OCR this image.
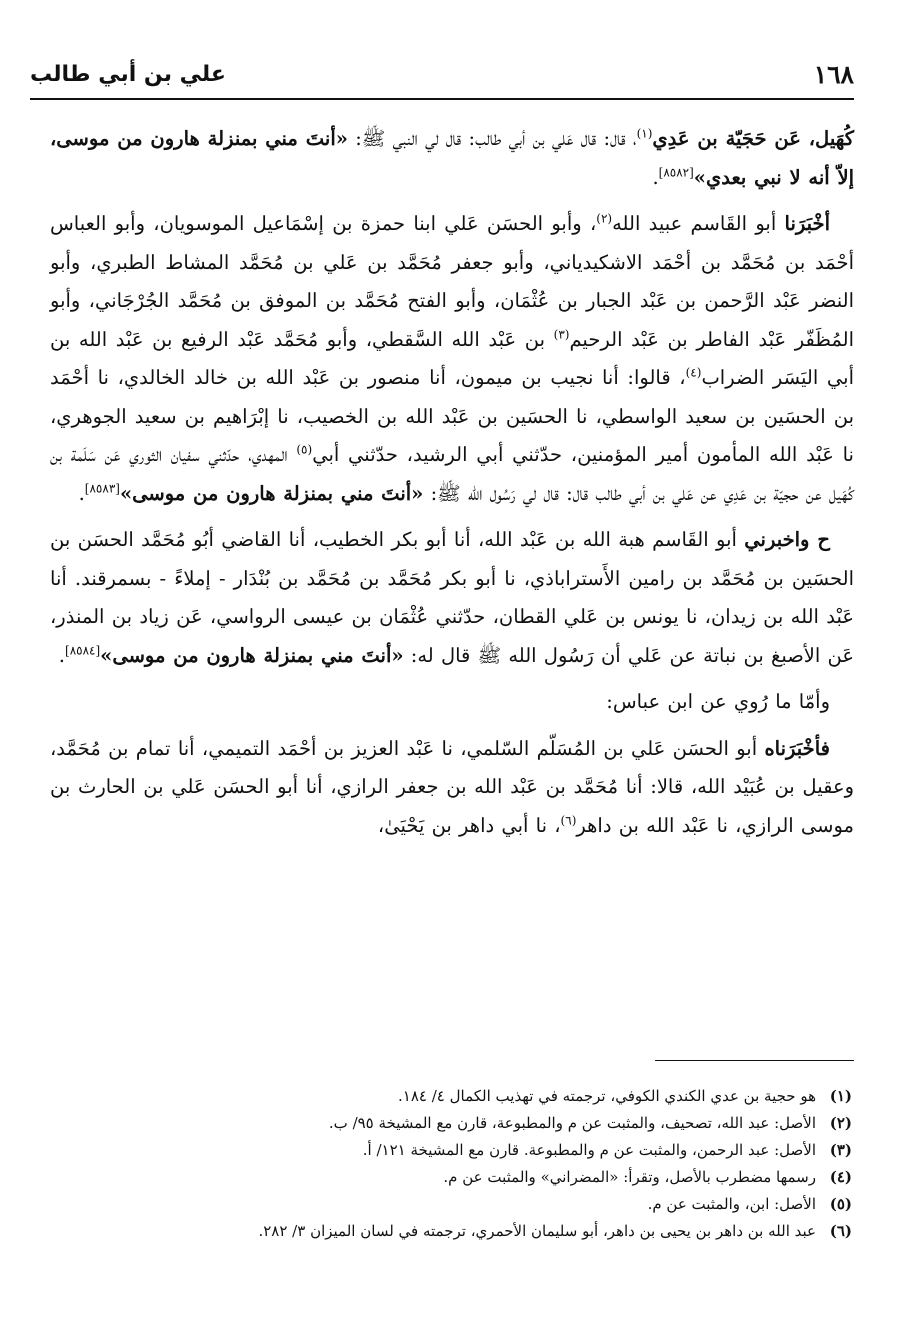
١٦٨
علي بن أبي طالب

كُهَيل، عَن حَجَيّة بن عَدِي$^{(١)}$، قال: قال عَلي بن أبي طالب: قال لي النبي ﷺ: «أنتَ مني بمنزلة هارون من موسى، إلاّ أنه لا نبي بعدي»[٨٥٨٢].

أخْبَرَنا أبو القَاسم عبيد الله$^{(٢)}$، وأبو الحسَن عَلي ابنا حمزة بن إسْمَاعيل الموسويان، وأبو العباس أحْمَد بن مُحَمَّد بن أحْمَد الاشكيدياني، وأبو جعفر مُحَمَّد بن عَلي بن مُحَمَّد المشاط الطبري، وأبو النضر عَبْد الرَّحمن بن عَبْد الجبار بن عُثْمَان، وأبو الفتح مُحَمَّد بن الموفق بن مُحَمَّد الجُرْجَاني، وأبو المُظَفّر عَبْد الفاطر بن عَبْد الرحيم$^{(٣)}$ بن عَبْد الله السَّقطي، وأبو مُحَمَّد عَبْد الرفيع بن عَبْد الله بن أبي اليَسَر الضراب$^{(٤)}$، قالوا: أنا نجيب بن ميمون، أنا منصور بن عَبْد الله بن خالد الخالدي، نا أحْمَد بن الحسَين بن سعيد الواسطي، نا الحسَين بن عَبْد الله بن الخصيب، نا إبْرَاهيم بن سعيد الجوهري، نا عَبْد الله المأمون أمير المؤمنين، حدّثني أبي الرشيد، حدّثني أبي$^{(٥)}$ المهدي، حدّثني سفيان الثوري عَن سَلَمة بن كُهَيل عن حجيّة بن عَدِي عن عَلي بن أبي طالب قال: قال لي رَسُول الله ﷺ: «أنتَ مني بمنزلة هارون من موسى»[٨٥٨٣].

ح واخبرني أبو القَاسم هبة الله بن عَبْد الله، أنا أبو بكر الخطيب، أنا القاضي أبُو مُحَمَّد الحسَن بن الحسَين بن مُحَمَّد بن رامين الأَستراباذي، نا أبو بكر مُحَمَّد بن مُحَمَّد بن بُنْدَار - إملاءً - بسمرقند. أنا عَبْد الله بن زيدان، نا يونس بن عَلي القطان، حدّثني عُثْمَان بن عيسى الرواسي، عَن زياد بن المنذر، عَن الأصبغ بن نباتة عن عَلي أن رَسُول الله ﷺ قال له: «أنتَ مني بمنزلة هارون من موسى»[٨٥٨٤].

وأمّا ما رُوي عن ابن عباس:

فأخْبَرَناه أبو الحسَن عَلي بن المُسَلّم السّلمي، نا عَبْد العزيز بن أحْمَد التميمي، أنا تمام بن مُحَمَّد، وعقيل بن عُبَيْد الله، قالا: أنا مُحَمَّد بن عَبْد الله بن جعفر الرازي، أنا أبو الحسَن عَلي بن الحارث بن موسى الرازي، نا عَبْد الله بن داهر$^{(٦)}$، نا أبي داهر بن يَحْيَىٰ،

(١)هو حجية بن عدي الكندي الكوفي، ترجمته في تهذيب الكمال ٤/ ١٨٤.
(٢)الأصل: عبد الله، تصحيف، والمثبت عن م والمطبوعة، قارن مع المشيخة ٩٥/ ب.
(٣)الأصل: عبد الرحمن، والمثبت عن م والمطبوعة. قارن مع المشيخة ١٢١/ أ.
(٤)رسمها مضطرب بالأصل، وتقرأ: «المضراني» والمثبت عن م.
(٥)الأصل: ابن، والمثبت عن م.
(٦)عبد الله بن داهر بن يحيى بن داهر، أبو سليمان الأحمري، ترجمته في لسان الميزان ٣/ ٢٨٢.
